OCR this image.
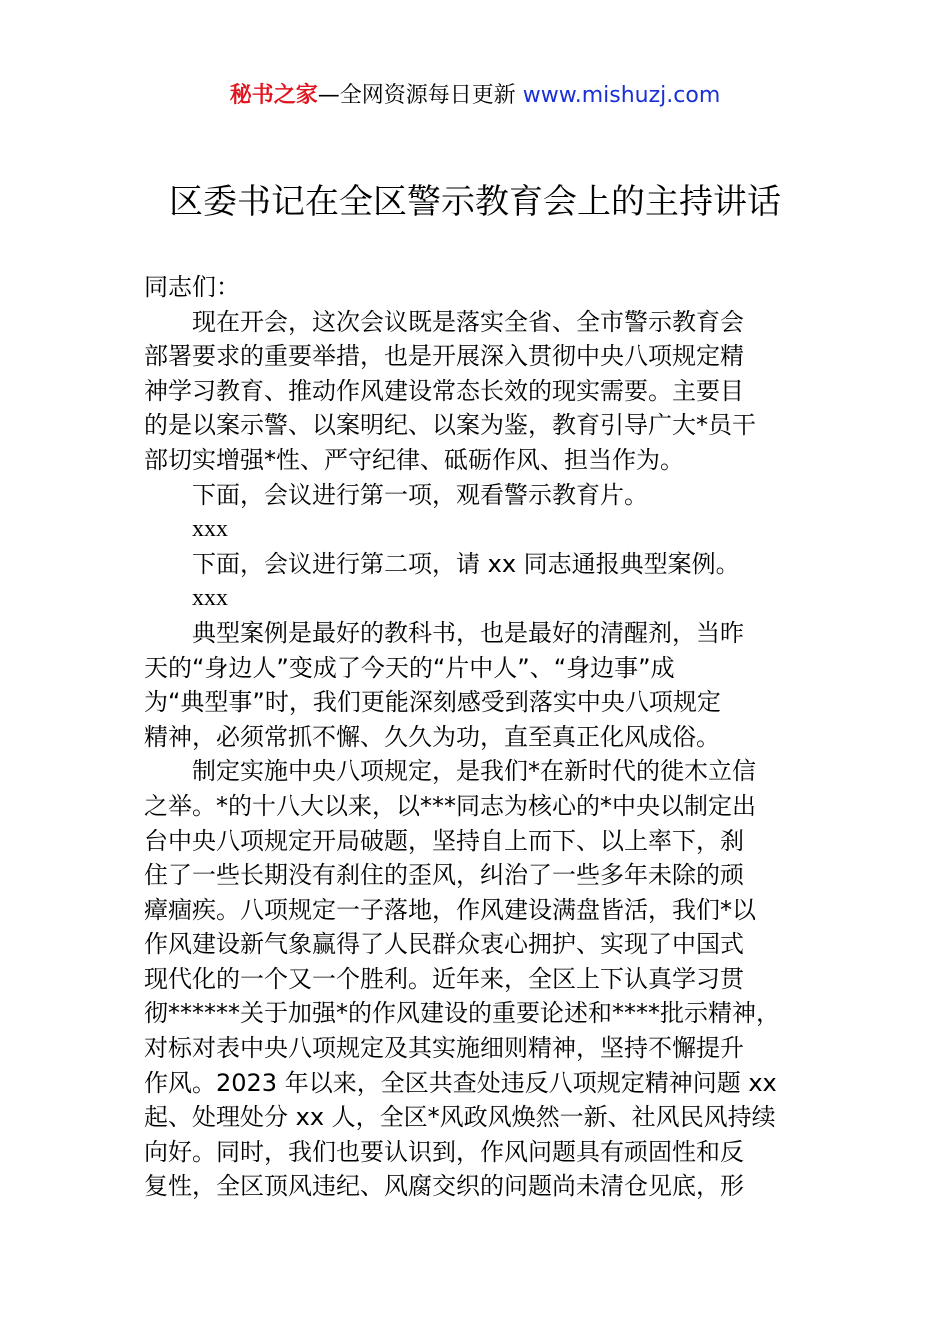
秘书之家—全网资源每日更新 www.mishuzj.com
区委书记在全区警示教育会上的主持讲话

同志们：

现在开会，这次会议既是落实全省、全市警示教育会

部署要求的重要举措，也是开展深入贯彻中央八项规定精

神学习教育、推动作风建设常态长效的现实需要。主要目

的是以案示警、以案明纪、以案为鉴，教育引导广大*员干

部切实增强*性、严守纪律、砥砺作风、担当作为。

下面，会议进行第一项，观看警示教育片。

xxx

下面，会议进行第二项，请 xx 同志通报典型案例。

xxx

典型案例是最好的教科书，也是最好的清醒剂，当昨

天的“身边人”变成了今天的“片中人”、“身边事”成

为“典型事”时，我们更能深刻感受到落实中央八项规定

精神，必须常抓不懈、久久为功，直至真正化风成俗。

制定实施中央八项规定，是我们*在新时代的徙木立信

之举。*的十八大以来，以***同志为核心的*中央以制定出

台中央八项规定开局破题，坚持自上而下、以上率下，刹

住了一些长期没有刹住的歪风，纠治了一些多年未除的顽

瘴痼疾。八项规定一子落地，作风建设满盘皆活，我们*以

作风建设新气象赢得了人民群众衷心拥护、实现了中国式

现代化的一个又一个胜利。近年来，全区上下认真学习贯

彻******关于加强*的作风建设的重要论述和****批示精神，

对标对表中央八项规定及其实施细则精神，坚持不懈提升

作风。2023 年以来，全区共查处违反八项规定精神问题 xx

起、处理处分 xx 人，全区*风政风焕然一新、社风民风持续

向好。同时，我们也要认识到，作风问题具有顽固性和反

复性，全区顶风违纪、风腐交织的问题尚未清仓见底，形
